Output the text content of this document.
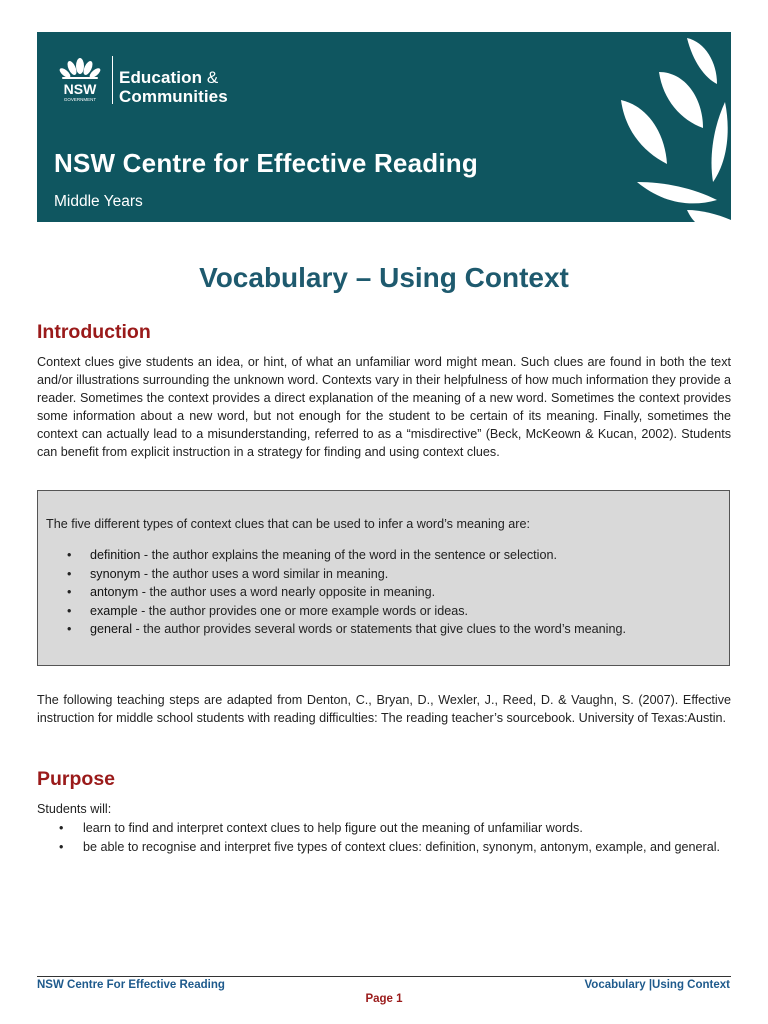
NSW
GOVERNMENT
Education &
Communities
NSW Centre for Effective Reading
Middle Years
Vocabulary – Using Context
Introduction

Context clues give students an idea, or hint, of what an unfamiliar word might mean. Such clues are found in both the text and/or illustrations surrounding the unknown word. Contexts vary in their helpfulness of how much information they provide a reader. Sometimes the context provides a direct explanation of the meaning of a new word. Sometimes the context provides some information about a new word, but not enough for the student to be certain of its meaning. Finally, sometimes the context can actually lead to a misunderstanding, referred to as a “misdirective” (Beck, McKeown & Kucan, 2002). Students can benefit from explicit instruction in a strategy for finding and using context clues.

The five different types of context clues that can be used to infer a word’s meaning are:
• definition - the author explains the meaning of the word in the sentence or selection.
• synonym - the author uses a word similar in meaning.
• antonym - the author uses a word nearly opposite in meaning.
• example - the author provides one or more example words or ideas.
• general - the author provides several words or statements that give clues to the word’s meaning.

The following teaching steps are adapted from Denton, C., Bryan, D., Wexler, J., Reed, D. & Vaughn, S. (2007). Effective instruction for middle school students with reading difficulties: The reading teacher’s sourcebook. University of Texas:Austin.

Purpose

Students will:

• learn to find and interpret context clues to help figure out the meaning of unfamiliar words.
• be able to recognise and interpret five types of context clues: definition, synonym, antonym, example, and general.
NSW Centre For Effective Reading	Vocabulary |Using Context
Page 1
